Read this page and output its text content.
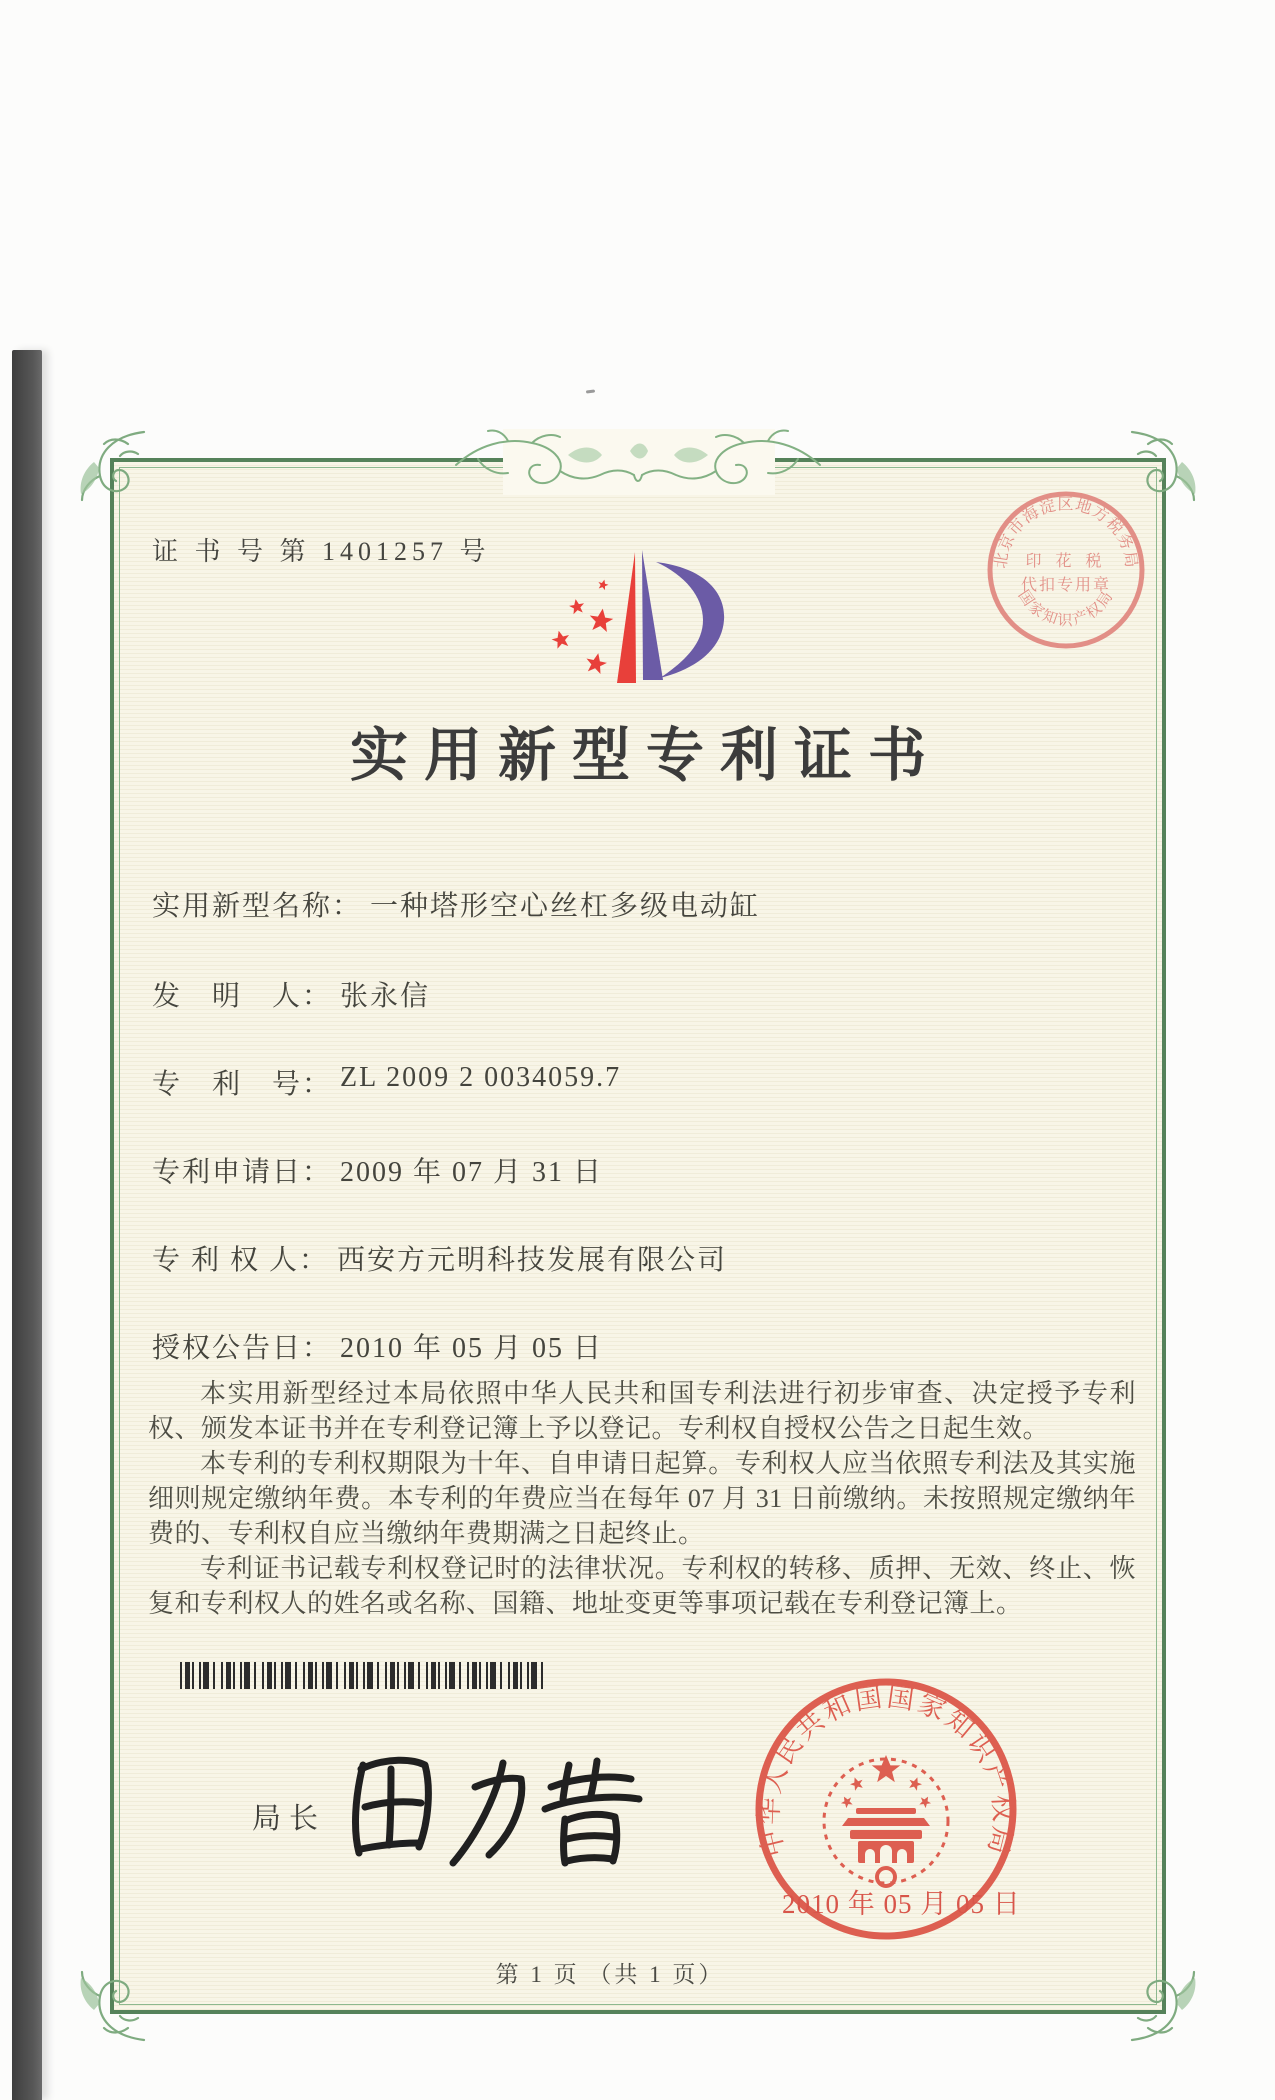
证 书 号 第 1401257 号
实用新型专利证书
北京市海淀区地方税务局
印 花 税
代扣专用章
国家知识产权局
实用新型名称： 一种塔形空心丝杠多级电动缸
发　明　人： 张永信
专　利　号： ZL 2009 2 0034059.7
专利申请日： 2009 年 07 月 31 日
专 利 权 人： 西安方元明科技发展有限公司
授权公告日： 2010 年 05 月 05 日

本实用新型经过本局依照中华人民共和国专利法进行初步审查、决定授予专利权、颁发本证书并在专利登记簿上予以登记。专利权自授权公告之日起生效。

本专利的专利权期限为十年、自申请日起算。专利权人应当依照专利法及其实施细则规定缴纳年费。本专利的年费应当在每年 07 月 31 日前缴纳。未按照规定缴纳年费的、专利权自应当缴纳年费期满之日起终止。

专利证书记载专利权登记时的法律状况。专利权的转移、质押、无效、终止、恢复和专利权人的姓名或名称、国籍、地址变更等事项记载在专利登记簿上。

局长
中华人民共和国国家知识产权局
2010 年 05 月 05 日
第 1 页 （共 1 页）
